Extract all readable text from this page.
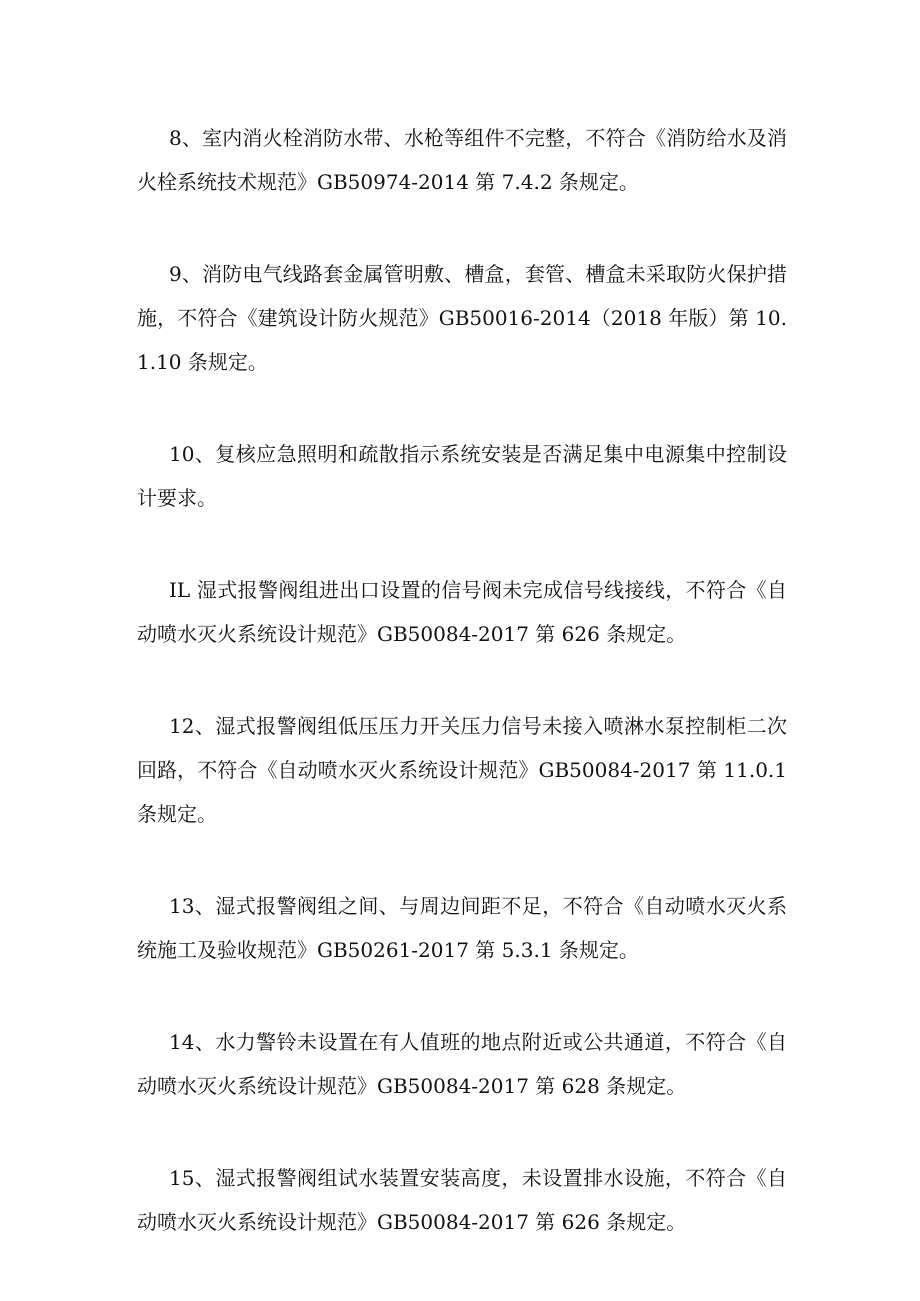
8、室内消火栓消防水带、水枪等组件不完整，不符合《消防给水及消火栓系统技术规范》GB50974-2014 第 7.4.2 条规定。

9、消防电气线路套金属管明敷、槽盒，套管、槽盒未采取防火保护措施，不符合《建筑设计防火规范》GB50016-2014（2018 年版）第 10.1.10 条规定。

10、复核应急照明和疏散指示系统安装是否满足集中电源集中控制设计要求。

IL 湿式报警阀组进出口设置的信号阀未完成信号线接线，不符合《自动喷水灭火系统设计规范》GB50084-2017 第 626 条规定。

12、湿式报警阀组低压压力开关压力信号未接入喷淋水泵控制柜二次回路，不符合《自动喷水灭火系统设计规范》GB50084-2017 第 11.0.1 条规定。

13、湿式报警阀组之间、与周边间距不足，不符合《自动喷水灭火系统施工及验收规范》GB50261-2017 第 5.3.1 条规定。

14、水力警铃未设置在有人值班的地点附近或公共通道，不符合《自动喷水灭火系统设计规范》GB50084-2017 第 628 条规定。

15、湿式报警阀组试水装置安装高度，未设置排水设施，不符合《自动喷水灭火系统设计规范》GB50084-2017 第 626 条规定。
